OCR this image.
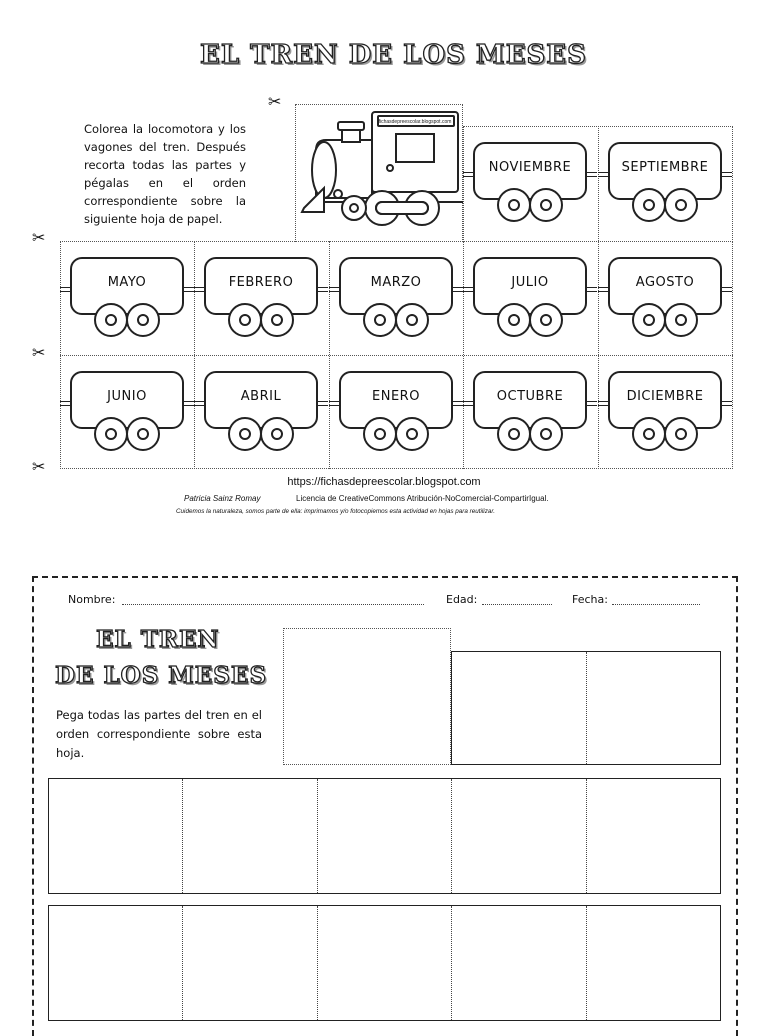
EL TREN DE LOS MESES
Colorea la locomotora y los vagones del tren. Después recorta todas las partes y pégalas en el orden correspondiente sobre la siguiente hoja de papel.
✂
✂
✂
✂
fichasdepreescolar.blogspot.com
NOVIEMBRE	SEPTIEMBRE
MAYO	FEBRERO	MARZO	JULIO	AGOSTO
JUNIO	ABRIL	ENERO	OCTUBRE	DICIEMBRE
https://fichasdepreescolar.blogspot.com
Patricia Sainz Romay	Licencia de CreativeCommons Atribución-NoComercial-CompartirIgual.
Cuidemos la naturaleza, somos parte de ella: imprimamos y/o fotocopiemos esta actividad en hojas para reutilizar.
Nombre:	Edad:	Fecha:
EL TREN
DE LOS MESES
Pega todas las partes del tren en el orden correspondiente sobre esta hoja.
